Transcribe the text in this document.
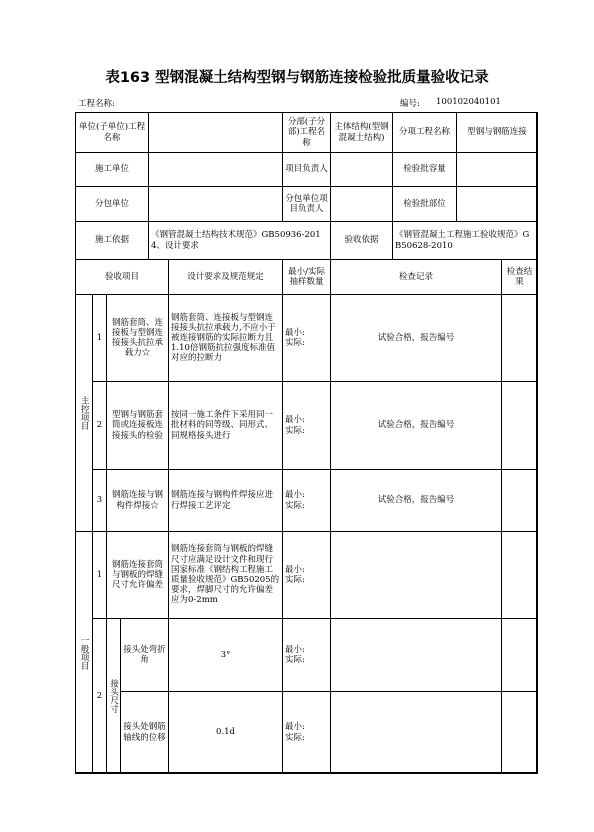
表163 型钢混凝土结构型钢与钢筋连接检验批质量验收记录
工程名称:	编号: 100102040101
单位(子单位)工程名称						分部(子分部)工程名称	主体结构(型钢混凝土结构)	分项工程名称	型钢与钢筋连接	
施工单位						项目负责人		检验批容量		
分包单位						分包单位项目负责人		检验批部位		
施工依据				《钢管混凝土结构技术规范》GB50936-2014、设计要求			验收依据	《钢管混凝土工程施工验收规范》GB50628-2010		
验收项目					设计要求及规范规定	最小/实际抽样数量	检查记录			检查结果
主控项目	1	钢筋套筒、连接板与型钢连接接头抗拉承载力☆			钢筋套筒、连接板与型钢连接接头抗拉承载力,不应小于被连接钢筋的实际拉断力且1.10倍钢筋抗拉强度标准值对应的拉断力	最小:
实际:	试验合格，报告编号			
	2	型钢与钢筋套筒或连接板连接接头的检验			按同一施工条件下采用同一批材料的同等级、同形式、同规格接头进行	最小:
实际:	试验合格，报告编号			
	3	钢筋连接与钢构件焊接☆			钢筋连接与钢构件焊接应进行焊接工艺评定	最小:
实际:	试验合格，报告编号			
一般项目	1	钢筋连接套筒与钢板的焊缝尺寸允许偏差			钢筋连接套筒与钢板的焊缝尺寸应满足设计文件和现行国家标准《钢结构工程施工质量验收规范》GB50205的要求，焊脚尺寸的允许偏差应为0-2mm	最小:
实际:				
	2	接头尺寸	接头处弯折角		3°	最小:
实际:				
			接头处钢筋轴线的位移		0.1d	最小:
实际:				
